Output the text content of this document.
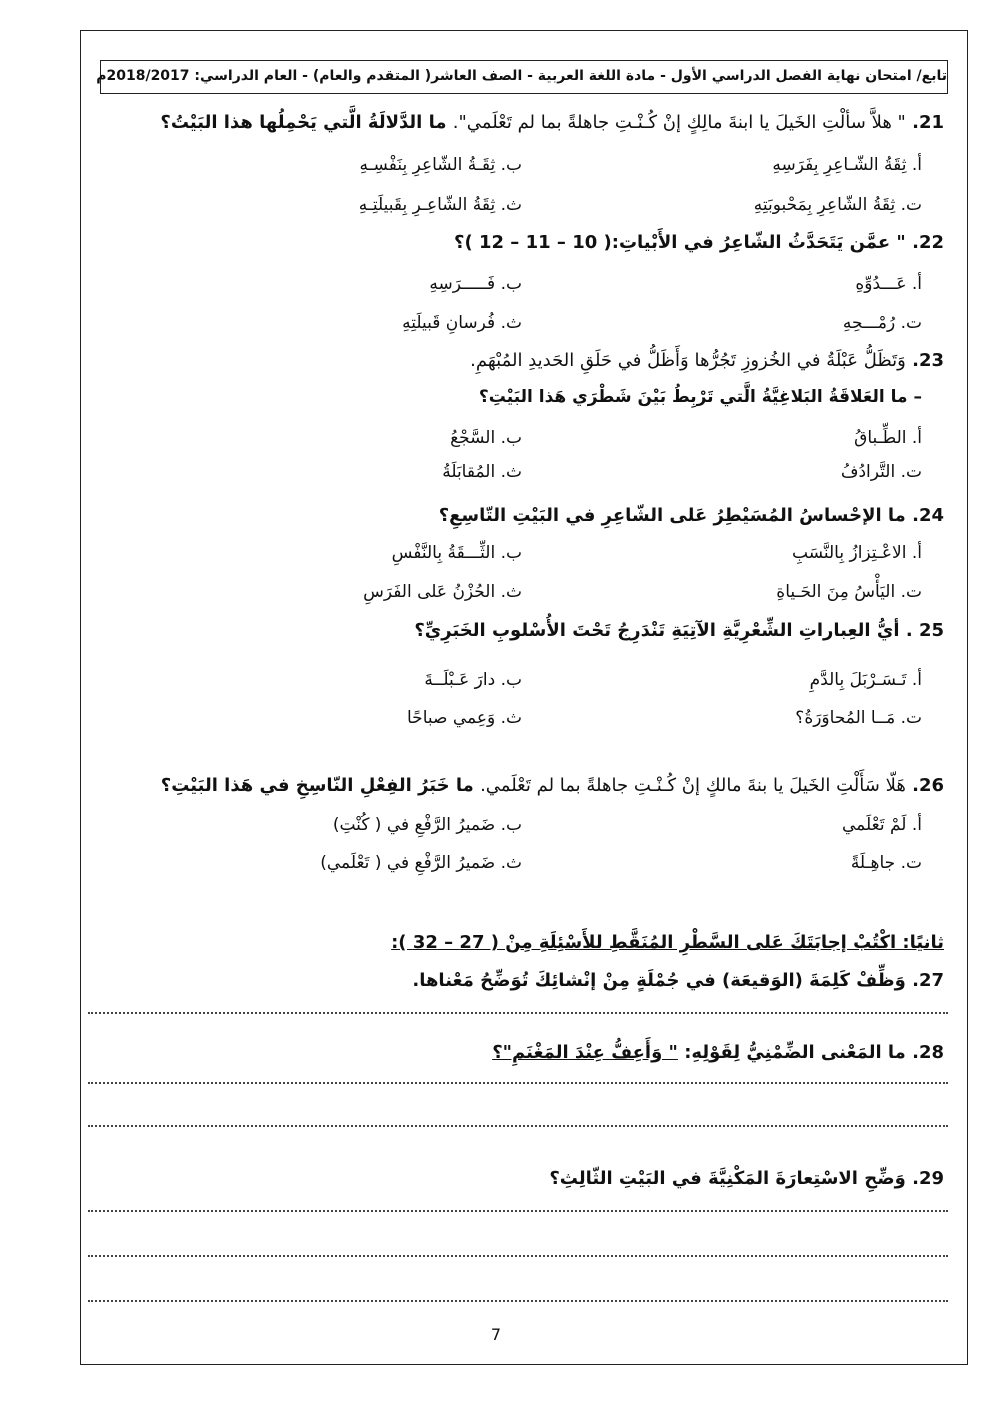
تابع/ امتحان نهاية الفصل الدراسي الأول - مادة اللغة العربية - الصف العاشر( المتقدم والعام) - العام الدراسي: 2018/2017م
21. " هلاَّ سألْتِ الخَيلَ يا ابنةَ مالِكٍ إنْ كُـنْـتِ جاهلةً بما لم تَعْلَمي". ما الدَّلالَةُ الَّتي يَحْمِلُها هذا البَيْتُ؟
أ. ثِقَةُ الشّـاعِرِ بِفَرَسِهِ
ب. ثِقَـةُ الشّاعِرِ بِنَفْسِـهِ
ت. ثِقَةُ الشّاعِرِ بِمَحْبوبَتِهِ
ث. ثِقَةُ الشّاعِـرِ بِقَبيلَتِـهِ
22. " عمَّن يَتَحَدَّثُ الشّاعِرُ في الأَبْياتِ:( 10 – 11 – 12 )؟
أ. عَـــدُوِّهِ
ب. فَـــــرَسِهِ
ت. رُمْـــحِهِ
ث. فُرسانِ قَبيلَتِهِ
23. وَتَظَلُّ عَبْلَةُ في الخُزوزِ تَجُرُّها وَأَظَلُّ في حَلَقِ الحَديدِ المُبْهَمِ.
– ما العَلاقَةُ البَلاغِيَّةُ الَّتي تَرْبِطُ بَيْنَ شَطْرَي هَذا البَيْتِ؟
أ. الطِّـباقُ
ب. السَّجْعُ
ت. التَّرادُفُ
ث. المُقابَلَةُ
24. ما الإحْساسُ المُسَيْطِرُ عَلى الشّاعِرِ في البَيْتِ التّاسِعِ؟
أ. الاعْـتِزازُ بِالنَّسَبِ
ب. الثِّـــقَةُ بِالنَّفْسِ
ت. اليَأْسُ مِنَ الحَـياةِ
ث. الحُزْنُ عَلى الفَرَسِ
25 . أيُّ العِباراتِ الشِّعْرِيَّةِ الآتِيَةِ تَنْدَرِجُ تَحْتَ الأُسْلوبِ الخَبَرِيِّ؟
أ. تَـسَـرْبَلَ بِالدَّمِ
ب. دارَ عَـبْلَــةَ
ت. مَــا المُحاوَرَةُ؟
ث. وَعِمي صباحًا
26. هَلّا سَأَلْتِ الخَيلَ يا بنةَ مالكٍ إنْ كُـنْـتِ جاهلةً بما لم تَعْلَمي. ما خَبَرُ الفِعْلِ النّاسِخِ في هَذا البَيْتِ؟
أ. لَمْ تَعْلَمي
ب. ضَميرُ الرَّفْعِ في ( كُنْتِ)
ت. جاهِـلَةً
ث. ضَميرُ الرَّفْعِ في ( تَعْلَمي)
ثانيًا: اكْتُبْ إجابَتَكَ عَلى السَّطْرِ المُنَقَّطِ للأَسْئِلَةِ مِنْ ( 27 – 32 ):
27. وَظِّفْ كَلِمَةَ (الوَقيعَة) في جُمْلَةٍ مِنْ إنْشائِكَ تُوَضِّحُ مَعْناها.
28. ما المَعْنى الضِّمْنِيُّ لِقَوْلِهِ: " وَأَعِفُّ عِنْدَ المَغْنَمِ"؟
29. وَضِّحِ الاسْتِعارَةَ المَكْنِيَّةَ في البَيْتِ الثّالِثِ؟
7
